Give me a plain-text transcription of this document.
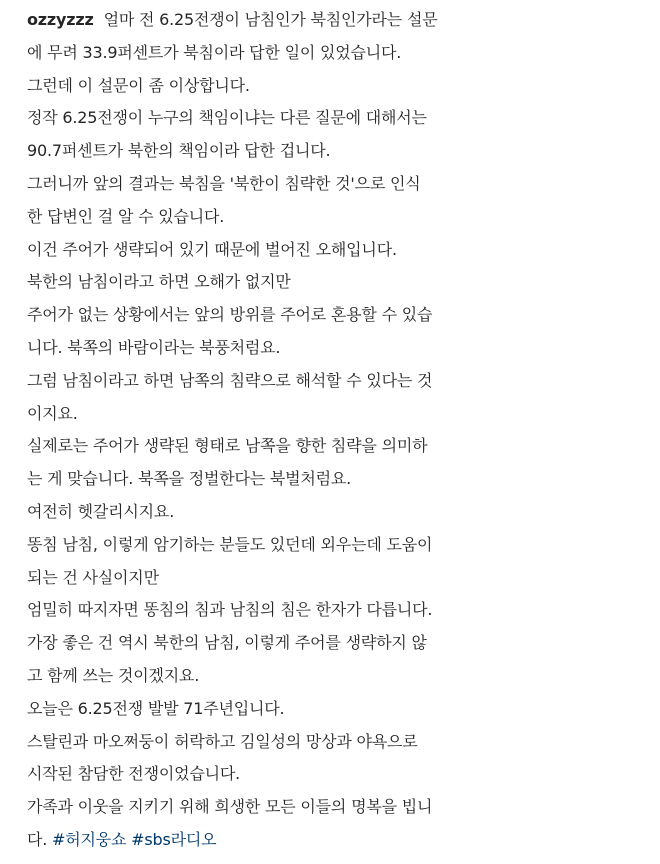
ozzyzzz 얼마 전 6.25전쟁이 남침인가 북침인가라는 설문
에 무려 33.9퍼센트가 북침이라 답한 일이 있었습니다.
그런데 이 설문이 좀 이상합니다.
정작 6.25전쟁이 누구의 책임이냐는 다른 질문에 대해서는
90.7퍼센트가 북한의 책임이라 답한 겁니다.
그러니까 앞의 결과는 북침을 '북한이 침략한 것'으로 인식
한 답변인 걸 알 수 있습니다.
이건 주어가 생략되어 있기 때문에 벌어진 오해입니다.
북한의 남침이라고 하면 오해가 없지만
주어가 없는 상황에서는 앞의 방위를 주어로 혼용할 수 있습
니다. 북쪽의 바람이라는 북풍처럼요.
그럼 남침이라고 하면 남쪽의 침략으로 해석할 수 있다는 것
이지요.
실제로는 주어가 생략된 형태로 남쪽을 향한 침략을 의미하
는 게 맞습니다. 북쪽을 정벌한다는 북벌처럼요.
여전히 헷갈리시지요.
똥침 남침, 이렇게 암기하는 분들도 있던데 외우는데 도움이
되는 건 사실이지만
엄밀히 따지자면 똥침의 침과 남침의 침은 한자가 다릅니다.
가장 좋은 건 역시 북한의 남침, 이렇게 주어를 생략하지 않
고 함께 쓰는 것이겠지요.
오늘은 6.25전쟁 발발 71주년입니다.
스탈린과 마오쩌둥이 허락하고 김일성의 망상과 야욕으로
시작된 참담한 전쟁이었습니다.
가족과 이웃을 지키기 위해 희생한 모든 이들의 명복을 빕니
다. #허지웅쇼 #sbs라디오
